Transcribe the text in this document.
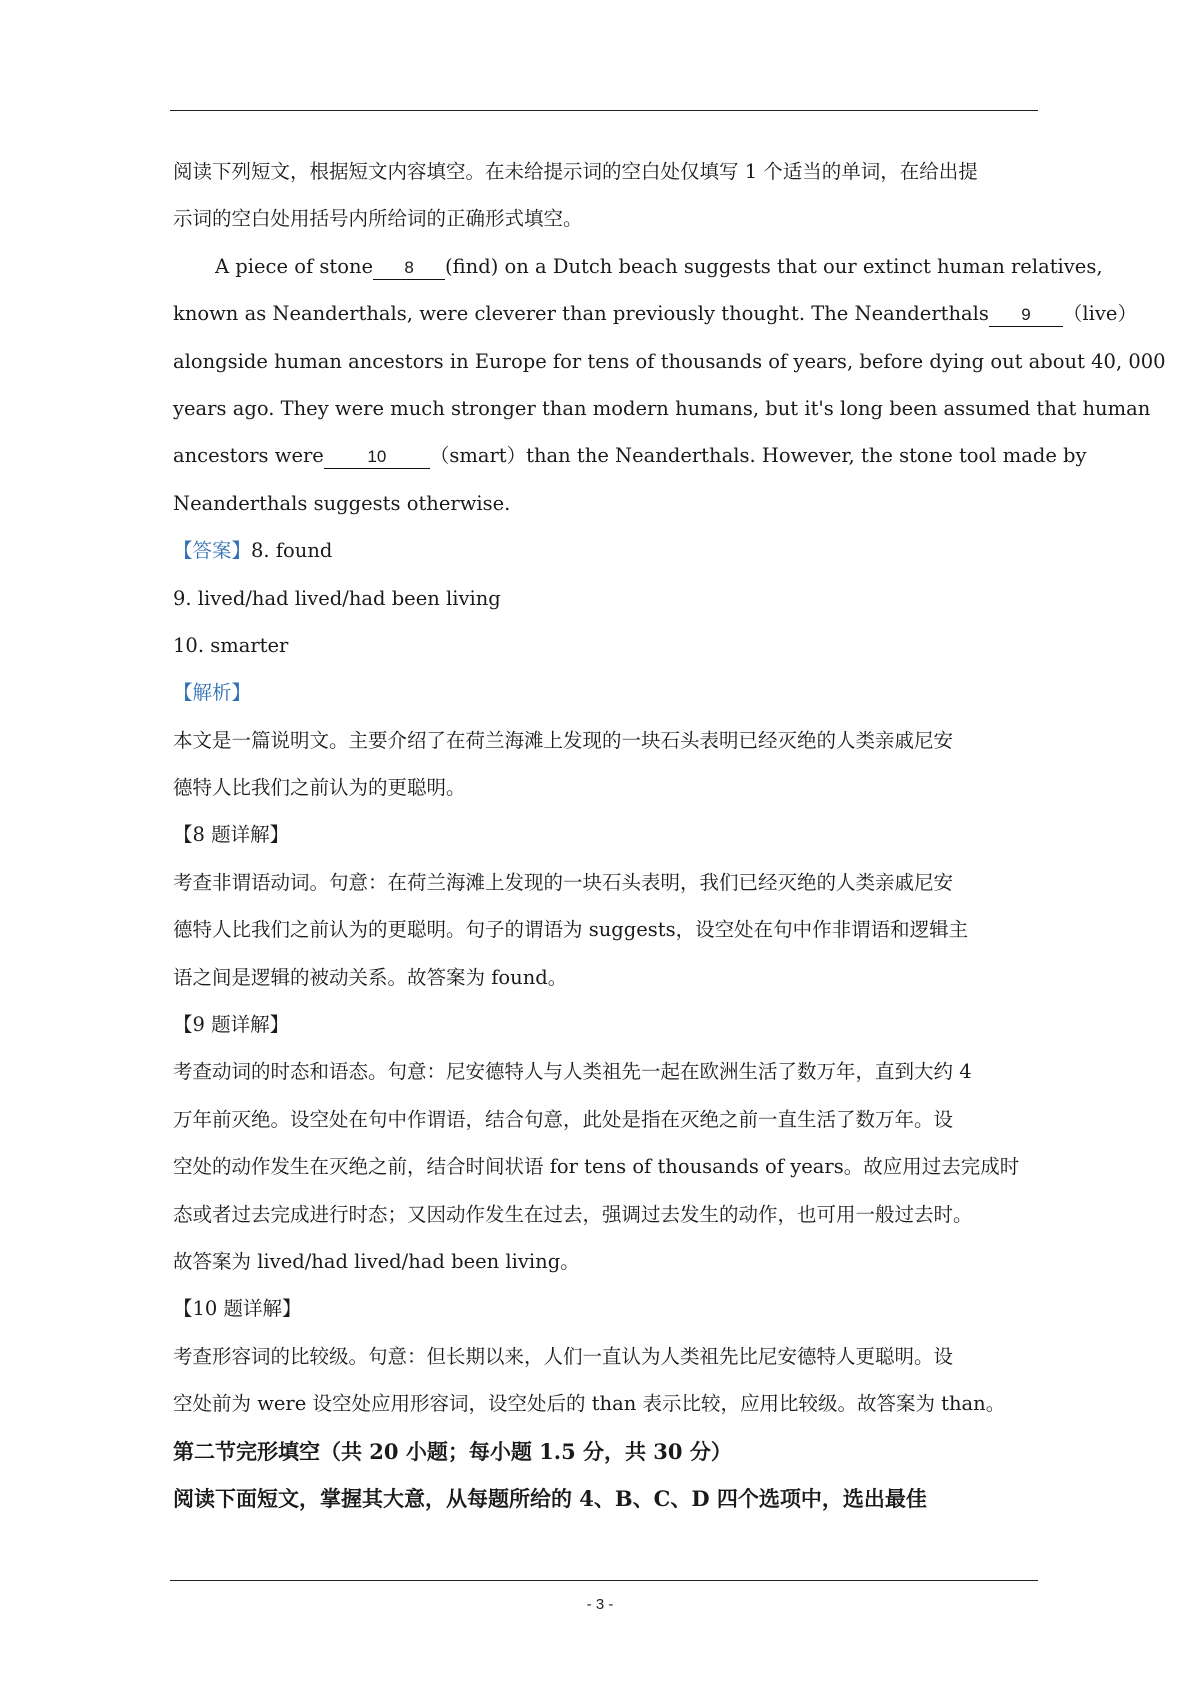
阅读下列短文，根据短文内容填空。在未给提示词的空白处仅填写 1 个适当的单词，在给出提
示词的空白处用括号内所给词的正确形式填空。
A piece of stone 8 (find) on a Dutch beach suggests that our extinct human relatives,
known as Neanderthals, were cleverer than previously thought. The Neanderthals 9 （live）
alongside human ancestors in Europe for tens of thousands of years, before dying out about 40, 000
years ago. They were much stronger than modern humans, but it's long been assumed that human
ancestors were	10 （smart）than the Neanderthals. However, the stone tool made by
Neanderthals suggests otherwise.
【答案】8. found
9. lived/had lived/had been living
10. smarter
【解析】
本文是一篇说明文。主要介绍了在荷兰海滩上发现的一块石头表明已经灭绝的人类亲戚尼安
德特人比我们之前认为的更聪明。
【8 题详解】
考查非谓语动词。句意：在荷兰海滩上发现的一块石头表明，我们已经灭绝的人类亲戚尼安
德特人比我们之前认为的更聪明。句子的谓语为 suggests，设空处在句中作非谓语和逻辑主
语之间是逻辑的被动关系。故答案为 found。
【9 题详解】
考查动词的时态和语态。句意：尼安德特人与人类祖先一起在欧洲生活了数万年，直到大约 4
万年前灭绝。设空处在句中作谓语，结合句意，此处是指在灭绝之前一直生活了数万年。设
空处的动作发生在灭绝之前，结合时间状语 for tens of thousands of years。故应用过去完成时
态或者过去完成进行时态；又因动作发生在过去，强调过去发生的动作，也可用一般过去时。
故答案为 lived/had lived/had been living。
【10 题详解】
考查形容词的比较级。句意：但长期以来，人们一直认为人类祖先比尼安德特人更聪明。设
空处前为 were 设空处应用形容词，设空处后的 than 表示比较，应用比较级。故答案为 than。
第二节完形填空（共 20 小题；每小题 1.5 分，共 30 分）
阅读下面短文，掌握其大意，从每题所给的 4、B、C、D 四个选项中，选出最佳
- 3 -
